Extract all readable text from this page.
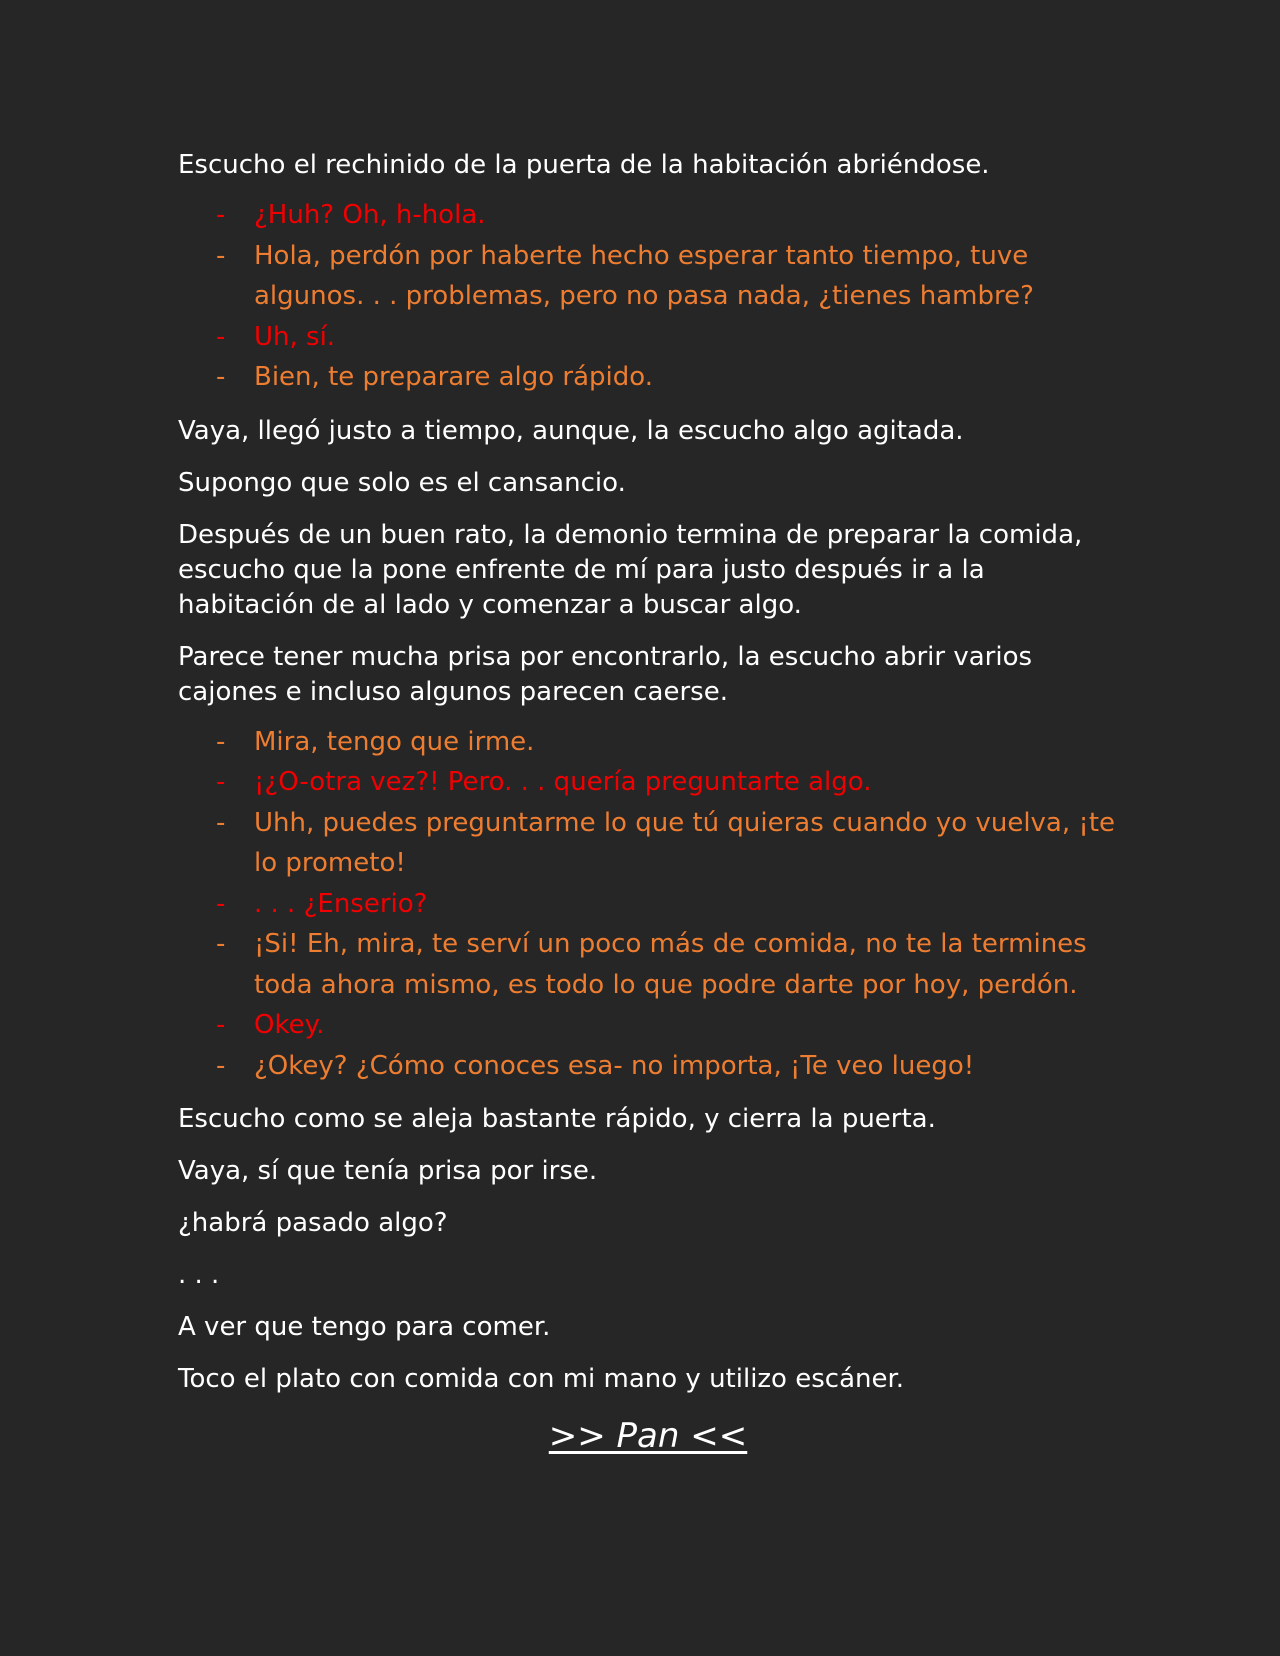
Escucho el rechinido de la puerta de la habitación abriéndose.

- ¿Huh? Oh, h-hola.
- Hola, perdón por haberte hecho esperar tanto tiempo, tuve algunos. . . problemas, pero no pasa nada, ¿tienes hambre?
- Uh, sí.
- Bien, te preparare algo rápido.

Vaya, llegó justo a tiempo, aunque, la escucho algo agitada.

Supongo que solo es el cansancio.

Después de un buen rato, la demonio termina de preparar la comida, escucho que la pone enfrente de mí para justo después ir a la habitación de al lado y comenzar a buscar algo.

Parece tener mucha prisa por encontrarlo, la escucho abrir varios cajones e incluso algunos parecen caerse.

- Mira, tengo que irme.
- ¡¿O-otra vez?! Pero. . . quería preguntarte algo.
- Uhh, puedes preguntarme lo que tú quieras cuando yo vuelva, ¡te lo prometo!
- . . . ¿Enserio?
- ¡Si! Eh, mira, te serví un poco más de comida, no te la termines toda ahora mismo, es todo lo que podre darte por hoy, perdón.
- Okey.
- ¿Okey? ¿Cómo conoces esa- no importa, ¡Te veo luego!

Escucho como se aleja bastante rápido, y cierra la puerta.

Vaya, sí que tenía prisa por irse.

¿habrá pasado algo?

. . .

A ver que tengo para comer.

Toco el plato con comida con mi mano y utilizo escáner.

>> Pan <<
